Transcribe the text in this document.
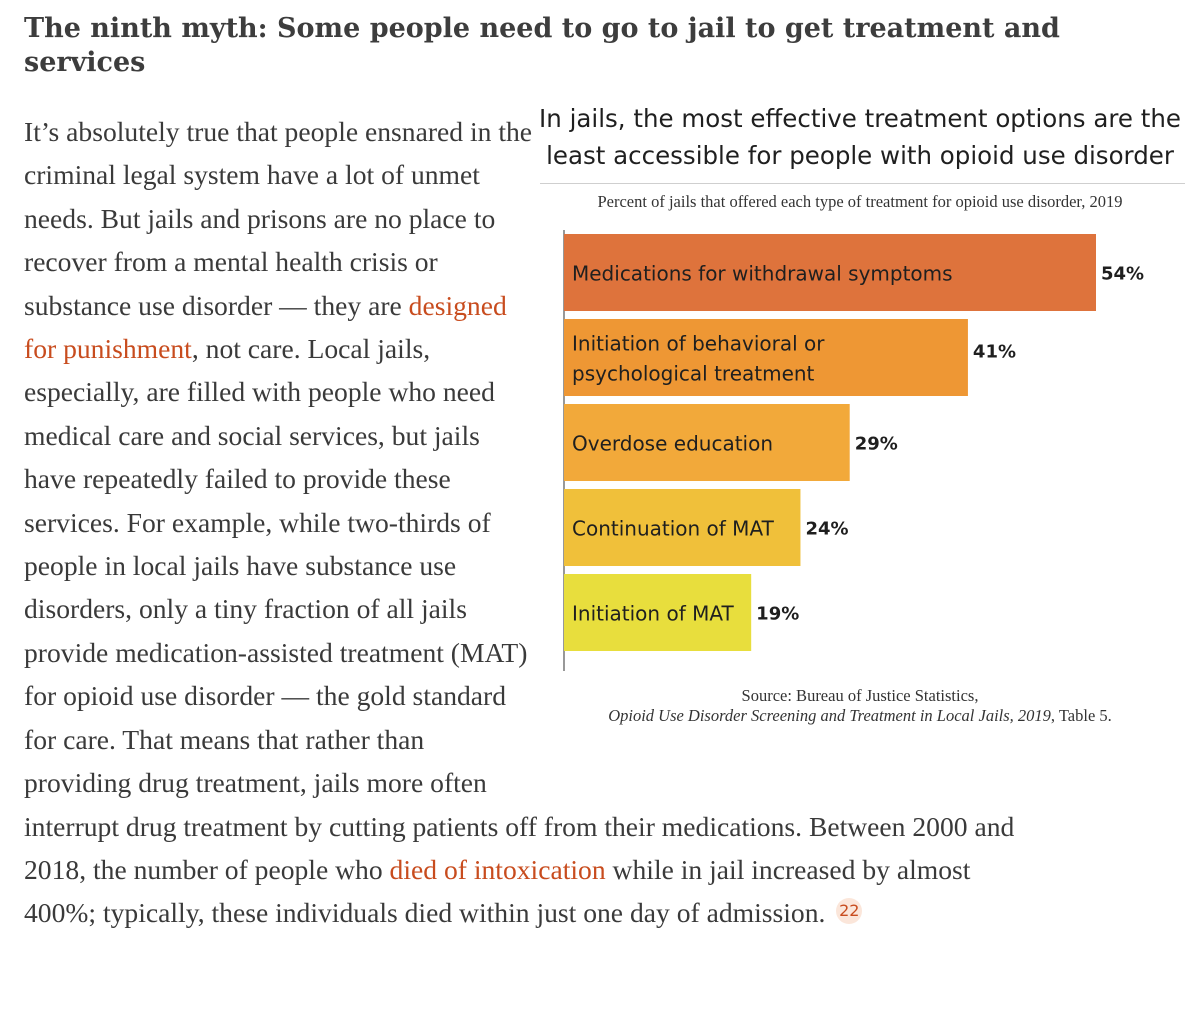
The ninth myth: Some people need to go to jail to get treatment and services

It’s absolutely true that people ensnared in the criminal legal system have a lot of unmet needs. But jails and prisons are no place to recover from a mental health crisis or substance use disorder — they are designed for punishment, not care. Local jails, especially, are filled with people who need medical care and social services, but jails have repeatedly failed to provide these services. For example, while two-thirds of people in local jails have substance use disorders, only a tiny fraction of all jails provide medication-assisted treatment (MAT) for opioid use disorder — the gold standard for care. That means that rather than providing drug treatment, jails more often interrupt drug treatment by cutting patients off from their medications. Between 2000 and 2018, the number of people who died of intoxication while in jail increased by almost 400%; typically, these individuals died within just one day of admission. 22

In jails, the most effective treatment options are the
least accessible for people with opioid use disorder
Percent of jails that offered each type of treatment for opioid use disorder, 2019
Medications for withdrawal symptoms	54%
Initiation of behavioral or psychological treatment
41%
Overdose education	29%
Continuation of MAT 24%
Initiation of MAT 19%
Source: Bureau of Justice Statistics,
Opioid Use Disorder Screening and Treatment in Local Jails, 2019, Table 5.
